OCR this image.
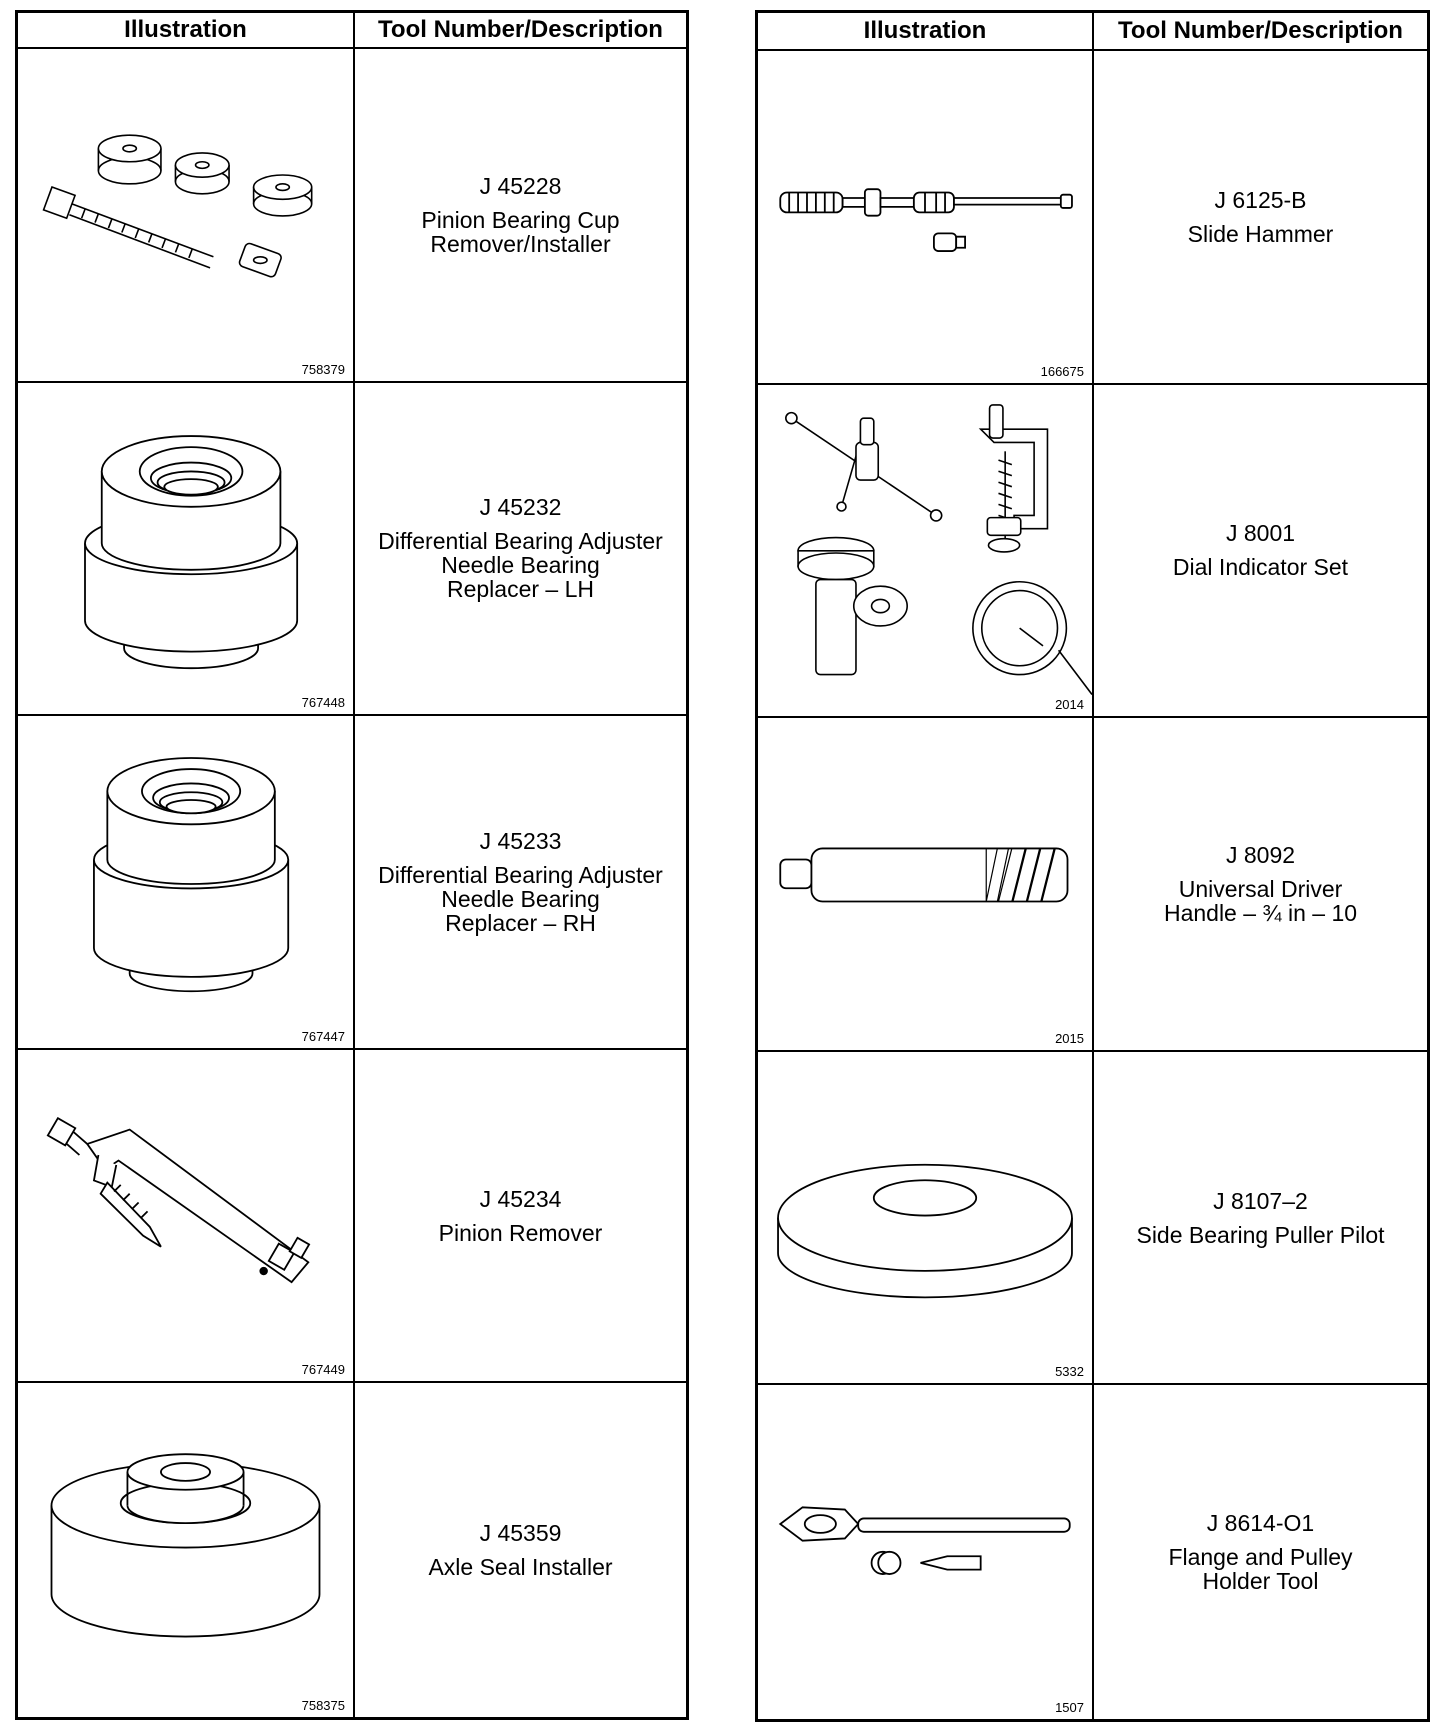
Illustration	Tool Number/Description
758379
J 45228
Pinion Bearing Cup
Remover/Installer
767448
J 45232
Differential Bearing Adjuster
Needle Bearing
Replacer – LH
767447
J 45233
Differential Bearing Adjuster
Needle Bearing
Replacer – RH
767449
J 45234
Pinion Remover
758375
J 45359
Axle Seal Installer
Illustration	Tool Number/Description
166675
J 6125-B
Slide Hammer
2014
J 8001
Dial Indicator Set
2015
J 8092
Universal Driver
Handle – ¾ in – 10
5332
J 8107–2
Side Bearing Puller Pilot
1507
J 8614-O1
Flange and Pulley
Holder Tool
